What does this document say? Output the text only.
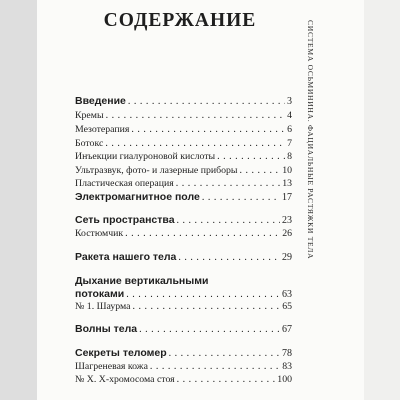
СИСТЕМА ОСЬМИНИНА. ФАЦИАЛЬНЫЕ РАСТЯЖКИ ТЕЛА
СОДЕРЖАНИЕ
Введение . . .	3
Кремы . . .	4
Мезотерапия . . .	6
Ботокс . . .	7
Инъекции гиалуроновой кислоты . . .	8
Ультразвук, фото- и лазерные приборы . . .	10
Пластическая операция . . .	13
Электромагнитное поле . . .	17
Сеть пространства . . .	23
Костюмчик . . .	26
Ракета нашего тела . . .	29
Дыхание вертикальными
потоками . . .	63
№ 1. Шаурма . . .	65
Волны тела . . .	67
Секреты теломер . . .	78
Шагреневая кожа . . .	83
№ Х. Х-хромосома стоя . . .	100
